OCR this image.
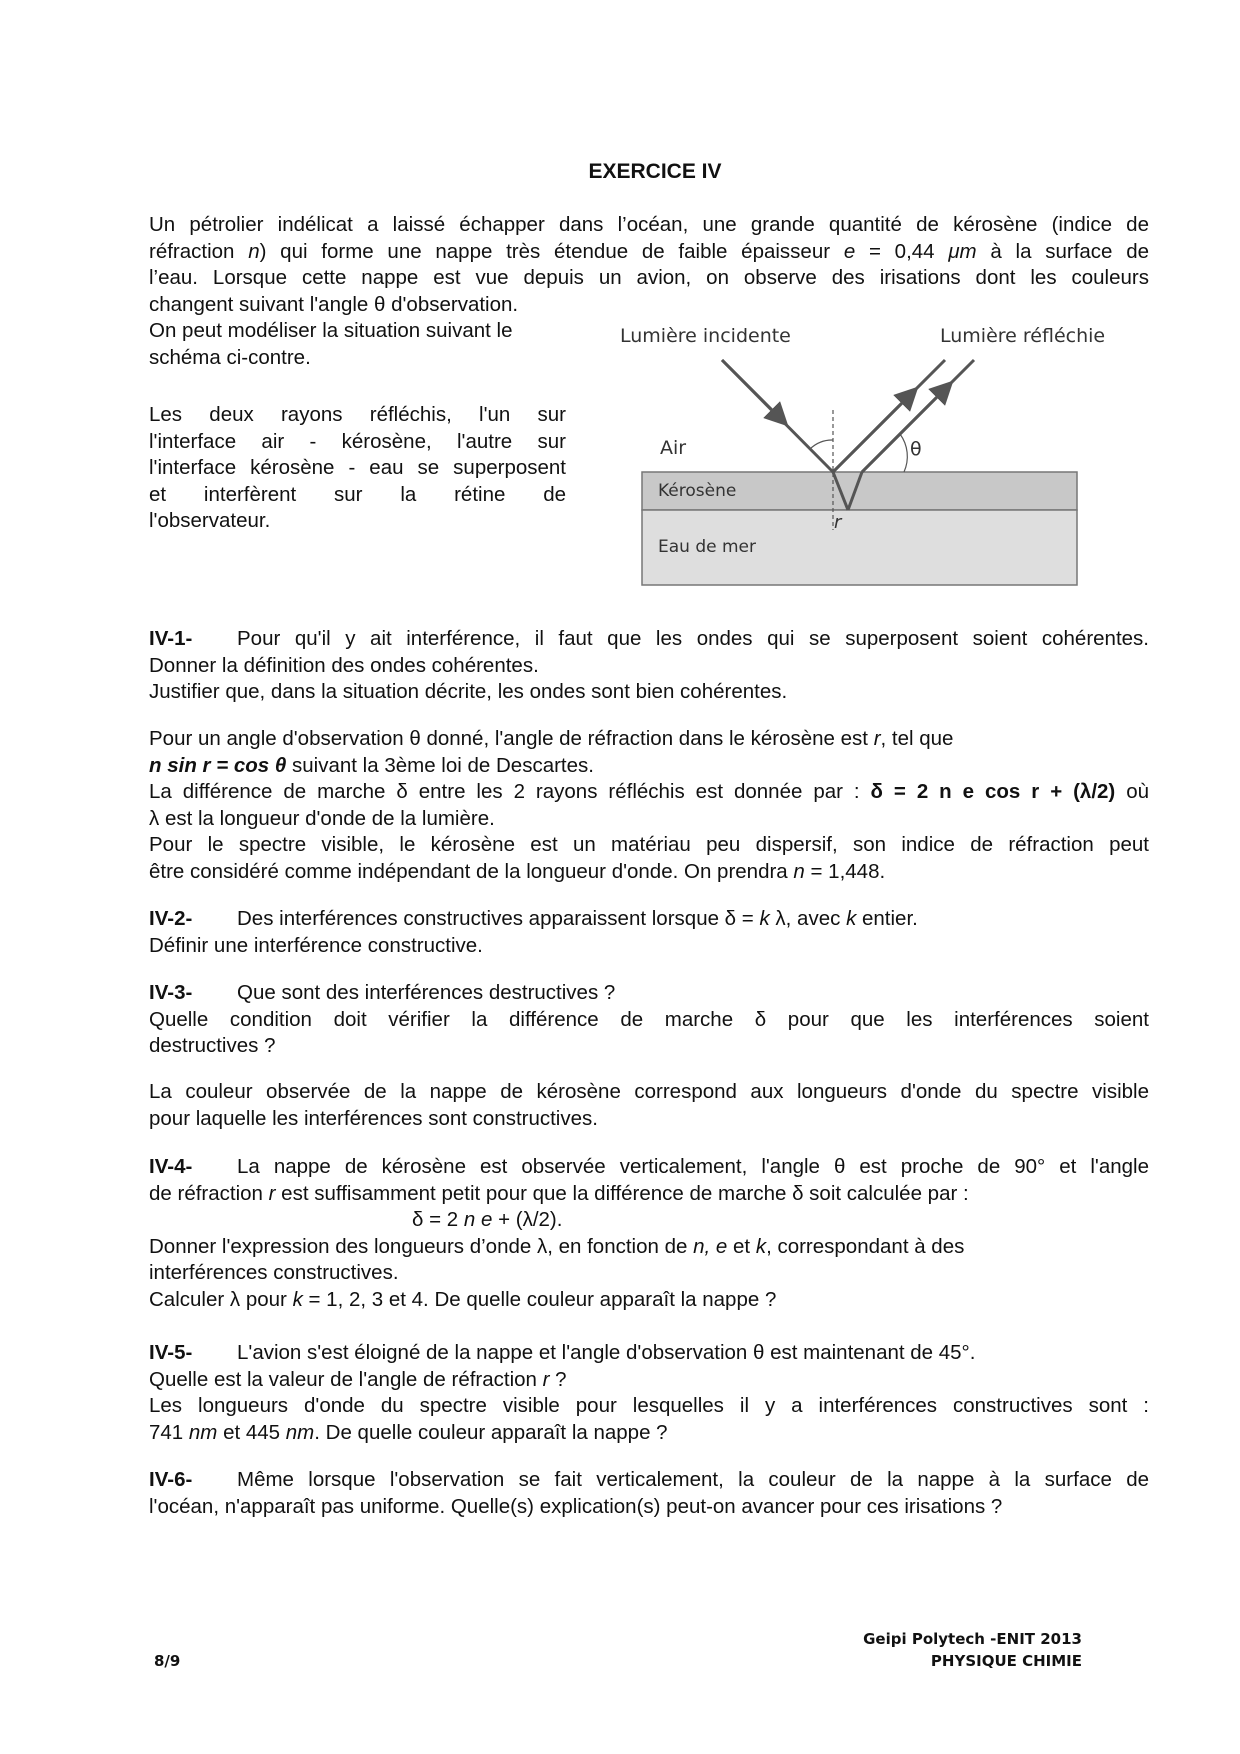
EXERCICE IV

Un pétrolier indélicat a laissé échapper dans l’océan, une grande quantité de kérosène (indice de

réfraction n) qui forme une nappe très étendue de faible épaisseur e = 0,44 μm à la surface de

l’eau. Lorsque cette nappe est vue depuis un avion, on observe des irisations dont les couleurs

changent suivant l'angle θ d'observation.

On peut modéliser la situation suivant le

schéma ci-contre.

Les deux rayons réfléchis, l'un sur

l'interface air - kérosène, l'autre sur

l'interface kérosène - eau se superposent

et interfèrent sur la rétine de

l'observateur.

Lumière incidente	Lumière réfléchie
Air	θ
Kérosène
r
Eau de mer

IV-1- Pour qu'il y ait interférence, il faut que les ondes qui se superposent soient cohérentes.

Donner la définition des ondes cohérentes.

Justifier que, dans la situation décrite, les ondes sont bien cohérentes.

Pour un angle d'observation θ donné, l'angle de réfraction dans le kérosène est r, tel que

n sin r = cos θ suivant la 3ème loi de Descartes.

La différence de marche δ entre les 2 rayons réfléchis est donnée par : δ = 2 n e cos r + (λ/2) où

λ est la longueur d'onde de la lumière.

Pour le spectre visible, le kérosène est un matériau peu dispersif, son indice de réfraction peut

être considéré comme indépendant de la longueur d'onde. On prendra n = 1,448.

IV-2- Des interférences constructives apparaissent lorsque δ = k λ, avec k entier.

Définir une interférence constructive.

IV-3- Que sont des interférences destructives ?

Quelle condition doit vérifier la différence de marche δ pour que les interférences soient

destructives ?

La couleur observée de la nappe de kérosène correspond aux longueurs d'onde du spectre visible

pour laquelle les interférences sont constructives.

IV-4- La nappe de kérosène est observée verticalement, l'angle θ est proche de 90° et l'angle

de réfraction r est suffisamment petit pour que la différence de marche δ soit calculée par :

δ = 2 n e + (λ/2).

Donner l'expression des longueurs d’onde λ, en fonction de n, e et k, correspondant à des

interférences constructives.

Calculer λ pour k = 1, 2, 3 et 4. De quelle couleur apparaît la nappe ?

IV-5- L'avion s'est éloigné de la nappe et l'angle d'observation θ est maintenant de 45°.

Quelle est la valeur de l'angle de réfraction r ?

Les longueurs d'onde du spectre visible pour lesquelles il y a interférences constructives sont :

741 nm et 445 nm. De quelle couleur apparaît la nappe ?

IV-6- Même lorsque l'observation se fait verticalement, la couleur de la nappe à la surface de

l'océan, n'apparaît pas uniforme. Quelle(s) explication(s) peut-on avancer pour ces irisations ?

8/9
Geipi Polytech -ENIT 2013
PHYSIQUE CHIMIE
